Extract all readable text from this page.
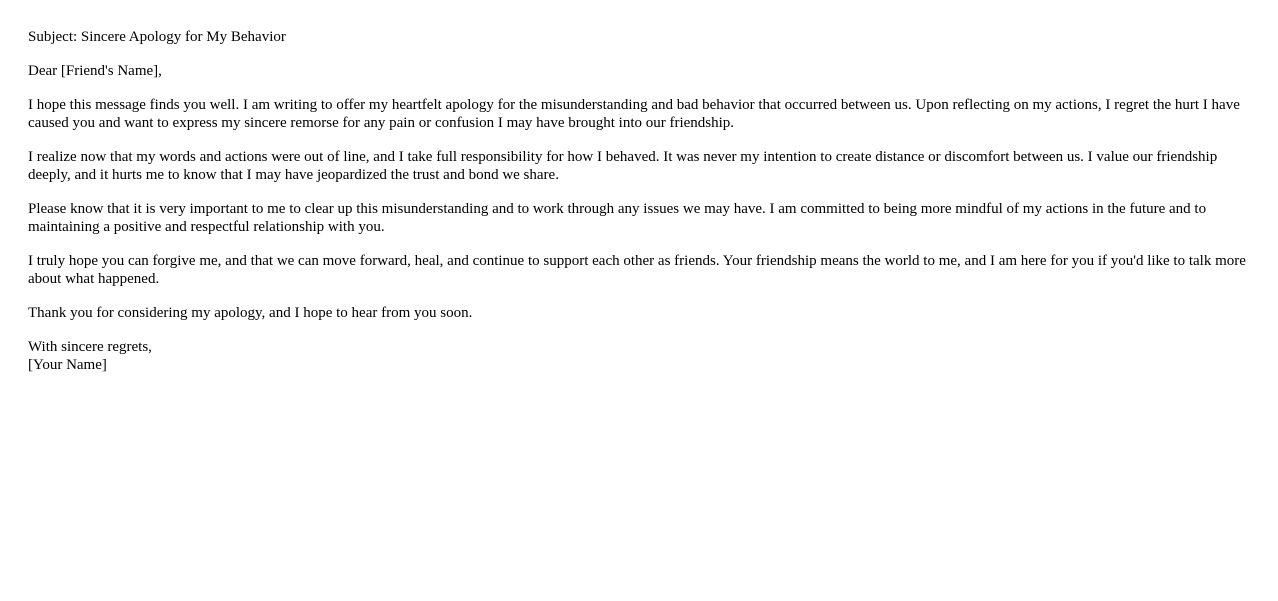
Subject: Sincere Apology for My Behavior

Dear [Friend's Name],

I hope this message finds you well. I am writing to offer my heartfelt apology for the misunderstanding and bad behavior that occurred between us. Upon reflecting on my actions, I regret the hurt I have caused you and want to express my sincere remorse for any pain or confusion I may have brought into our friendship.

I realize now that my words and actions were out of line, and I take full responsibility for how I behaved. It was never my intention to create distance or discomfort between us. I value our friendship deeply, and it hurts me to know that I may have jeopardized the trust and bond we share.

Please know that it is very important to me to clear up this misunderstanding and to work through any issues we may have. I am committed to being more mindful of my actions in the future and to maintaining a positive and respectful relationship with you.

I truly hope you can forgive me, and that we can move forward, heal, and continue to support each other as friends. Your friendship means the world to me, and I am here for you if you'd like to talk more about what happened.

Thank you for considering my apology, and I hope to hear from you soon.

With sincere regrets,
[Your Name]
